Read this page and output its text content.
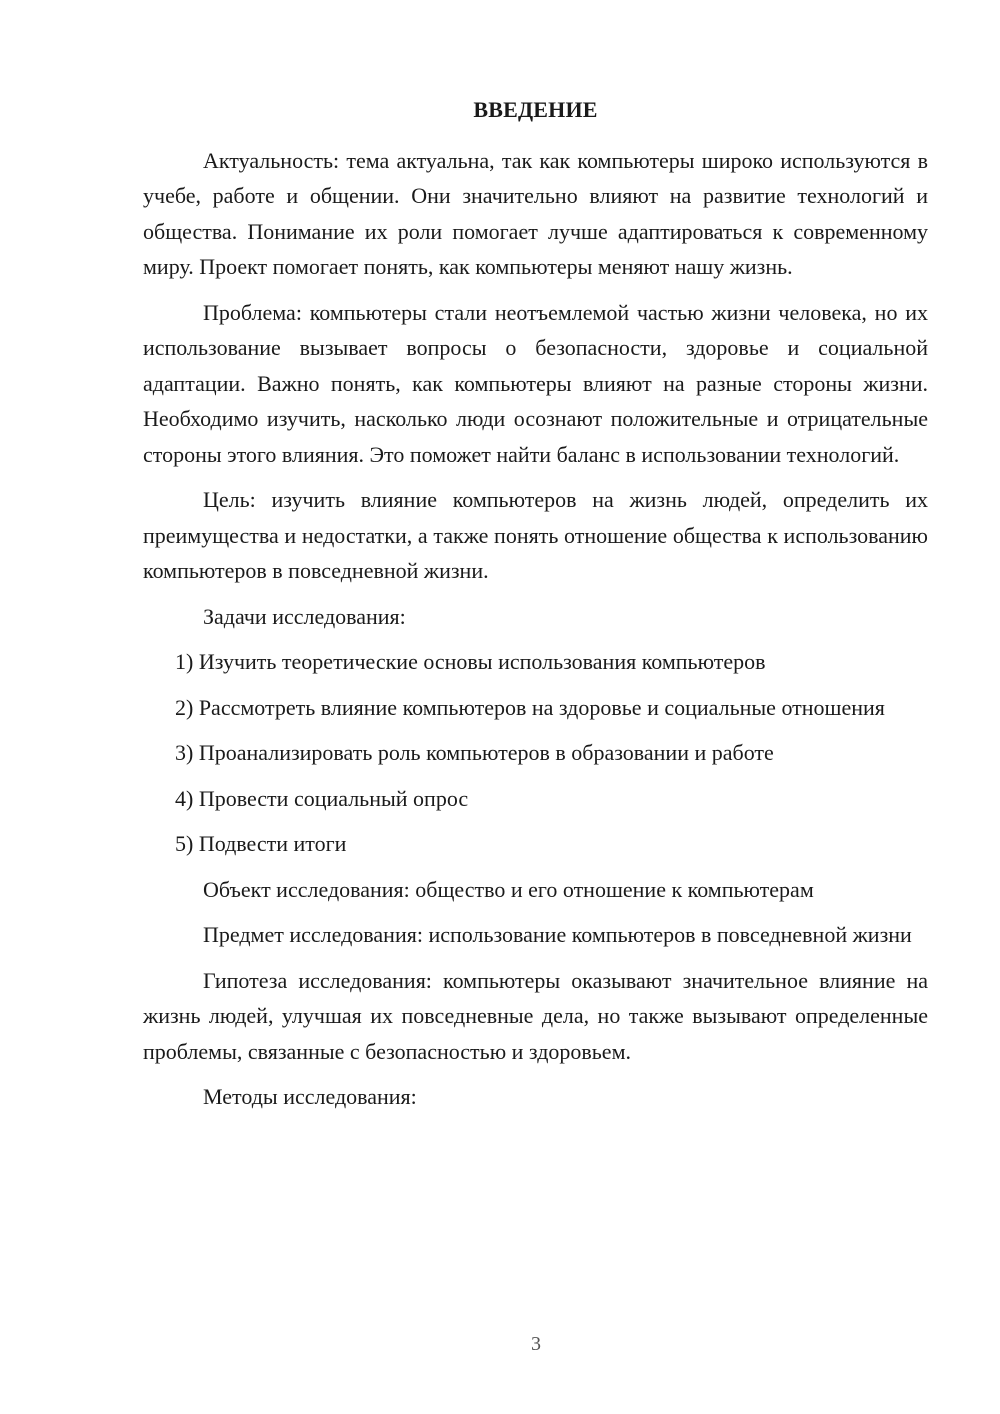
ВВЕДЕНИЕ

Актуальность: тема актуальна, так как компьютеры широко используются в учебе, работе и общении. Они значительно влияют на развитие технологий и общества. Понимание их роли помогает лучше адаптироваться к современному миру. Проект помогает понять, как компьютеры меняют нашу жизнь.

Проблема: компьютеры стали неотъемлемой частью жизни человека, но их использование вызывает вопросы о безопасности, здоровье и социальной адаптации. Важно понять, как компьютеры влияют на разные стороны жизни. Необходимо изучить, насколько люди осознают положительные и отрицательные стороны этого влияния. Это поможет найти баланс в использовании технологий.

Цель: изучить влияние компьютеров на жизнь людей, определить их преимущества и недостатки, а также понять отношение общества к использованию компьютеров в повседневной жизни.

Задачи исследования:

1) Изучить теоретические основы использования компьютеров

2) Рассмотреть влияние компьютеров на здоровье и социальные отношения

3) Проанализировать роль компьютеров в образовании и работе

4) Провести социальный опрос

5) Подвести итоги

Объект исследования: общество и его отношение к компьютерам

Предмет исследования: использование компьютеров в повседневной жизни

Гипотеза исследования: компьютеры оказывают значительное влияние на жизнь людей, улучшая их повседневные дела, но также вызывают определенные проблемы, связанные с безопасностью и здоровьем.

Методы исследования:

3
